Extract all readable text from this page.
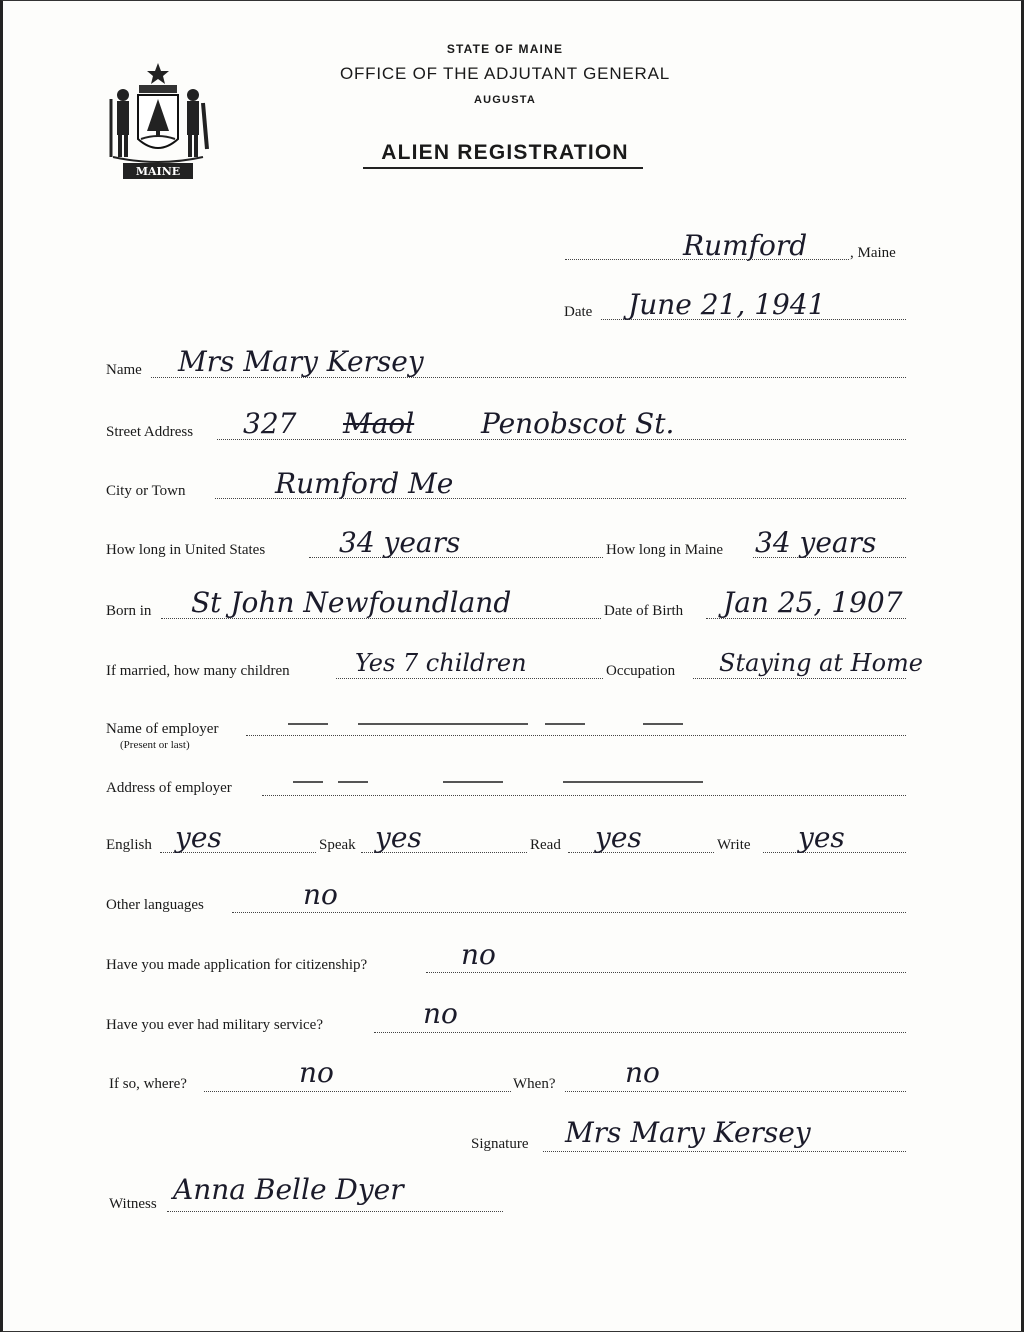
MAINE
STATE OF MAINE
OFFICE OF THE ADJUTANT GENERAL
AUGUSTA
ALIEN REGISTRATION
Rumford	, Maine
Date June 21, 1941
Name Mrs Mary Kersey
Street Address 327 Maol Penobscot St.
City or Town	Rumford Me
How long in United States	34 years	How long in Maine 34 years
Born in St John Newfoundland	Date of Birth Jan 25, 1907
If married, how many children	Yes 7 children	Occupation Staying at Home
Name of employer
(Present or last)
Address of employer
English yes	Speak yes	Read yes	Write yes
Other languages	no
Have you made application for citizenship?	no
Have you ever had military service?	no
If so, where?	no	When? no
Signature Mrs Mary Kersey
Witness Anna Belle Dyer
